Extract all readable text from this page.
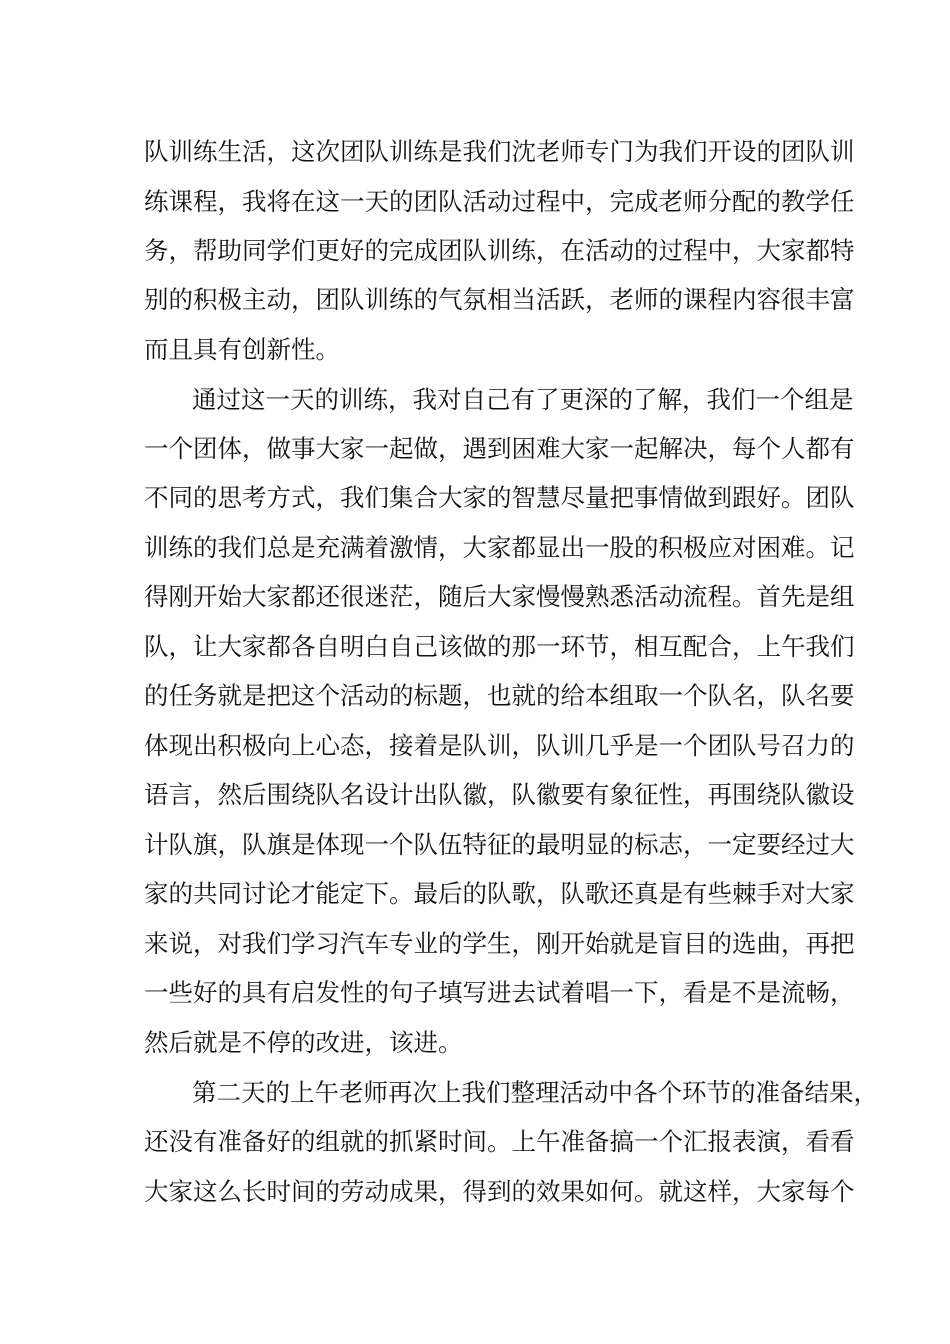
队训练生活，这次团队训练是我们沈老师专门为我们开设的团队训
练课程，我将在这一天的团队活动过程中，完成老师分配的教学任
务，帮助同学们更好的完成团队训练，在活动的过程中，大家都特
别的积极主动，团队训练的气氛相当活跃，老师的课程内容很丰富
而且具有创新性。
通过这一天的训练，我对自己有了更深的了解，我们一个组是
一个团体，做事大家一起做，遇到困难大家一起解决，每个人都有
不同的思考方式，我们集合大家的智慧尽量把事情做到跟好。团队
训练的我们总是充满着激情，大家都显出一股的积极应对困难。记
得刚开始大家都还很迷茫，随后大家慢慢熟悉活动流程。首先是组
队，让大家都各自明白自己该做的那一环节，相互配合，上午我们
的任务就是把这个活动的标题，也就的给本组取一个队名，队名要
体现出积极向上心态，接着是队训，队训几乎是一个团队号召力的
语言，然后围绕队名设计出队徽，队徽要有象征性，再围绕队徽设
计队旗，队旗是体现一个队伍特征的最明显的标志，一定要经过大
家的共同讨论才能定下。最后的队歌，队歌还真是有些棘手对大家
来说，对我们学习汽车专业的学生，刚开始就是盲目的选曲，再把
一些好的具有启发性的句子填写进去试着唱一下，看是不是流畅，
然后就是不停的改进，该进。
第二天的上午老师再次上我们整理活动中各个环节的准备结果，
还没有准备好的组就的抓紧时间。上午准备搞一个汇报表演，看看
大家这么长时间的劳动成果，得到的效果如何。就这样，大家每个
